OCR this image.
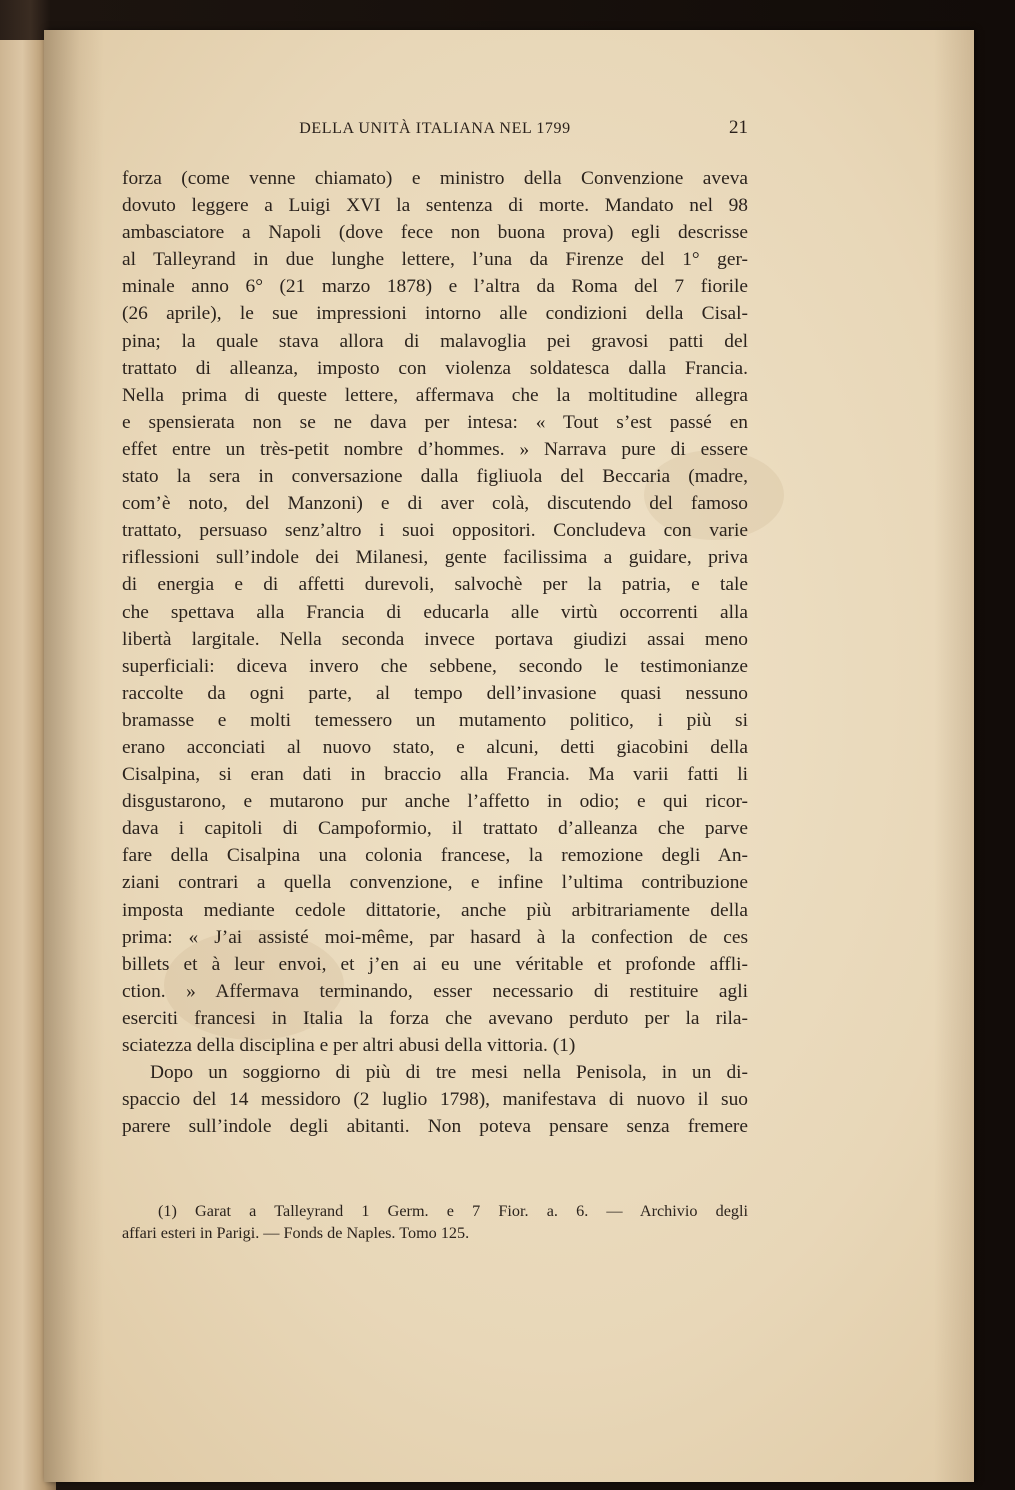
DELLA UNITÀ ITALIANA NEL 1799	21
forza (come venne chiamato) e ministro della Convenzione aveva
dovuto leggere a Luigi XVI la sentenza di morte. Mandato nel 98
ambasciatore a Napoli (dove fece non buona prova) egli descrisse
al Talleyrand in due lunghe lettere, l’una da Firenze del 1° ger-
minale anno 6° (21 marzo 1878) e l’altra da Roma del 7 fiorile
(26 aprile), le sue impressioni intorno alle condizioni della Cisal-
pina; la quale stava allora di malavoglia pei gravosi patti del
trattato di alleanza, imposto con violenza soldatesca dalla Francia.
Nella prima di queste lettere, affermava che la moltitudine allegra
e spensierata non se ne dava per intesa: « Tout s’est passé en
effet entre un très-petit nombre d’hommes. » Narrava pure di essere
stato la sera in conversazione dalla figliuola del Beccaria (madre,
com’è noto, del Manzoni) e di aver colà, discutendo del famoso
trattato, persuaso senz’altro i suoi oppositori. Concludeva con varie
riflessioni sull’indole dei Milanesi, gente facilissima a guidare, priva
di energia e di affetti durevoli, salvochè per la patria, e tale
che spettava alla Francia di educarla alle virtù occorrenti alla
libertà largitale. Nella seconda invece portava giudizi assai meno
superficiali: diceva invero che sebbene, secondo le testimonianze
raccolte da ogni parte, al tempo dell’invasione quasi nessuno
bramasse e molti temessero un mutamento politico, i più si
erano acconciati al nuovo stato, e alcuni, detti giacobini della
Cisalpina, si eran dati in braccio alla Francia. Ma varii fatti li
disgustarono, e mutarono pur anche l’affetto in odio; e qui ricor-
dava i capitoli di Campoformio, il trattato d’alleanza che parve
fare della Cisalpina una colonia francese, la remozione degli An-
ziani contrari a quella convenzione, e infine l’ultima contribuzione
imposta mediante cedole dittatorie, anche più arbitrariamente della
prima: « J’ai assisté moi-même, par hasard à la confection de ces
billets et à leur envoi, et j’en ai eu une véritable et profonde affli-
ction. » Affermava terminando, esser necessario di restituire agli
eserciti francesi in Italia la forza che avevano perduto per la rila-
sciatezza della disciplina e per altri abusi della vittoria. (1)
Dopo un soggiorno di più di tre mesi nella Penisola, in un di-
spaccio del 14 messidoro (2 luglio 1798), manifestava di nuovo il suo
parere sull’indole degli abitanti. Non poteva pensare senza fremere
(1) Garat a Talleyrand 1 Germ. e 7 Fior. a. 6. — Archivio degli
affari esteri in Parigi. — Fonds de Naples. Tomo 125.
